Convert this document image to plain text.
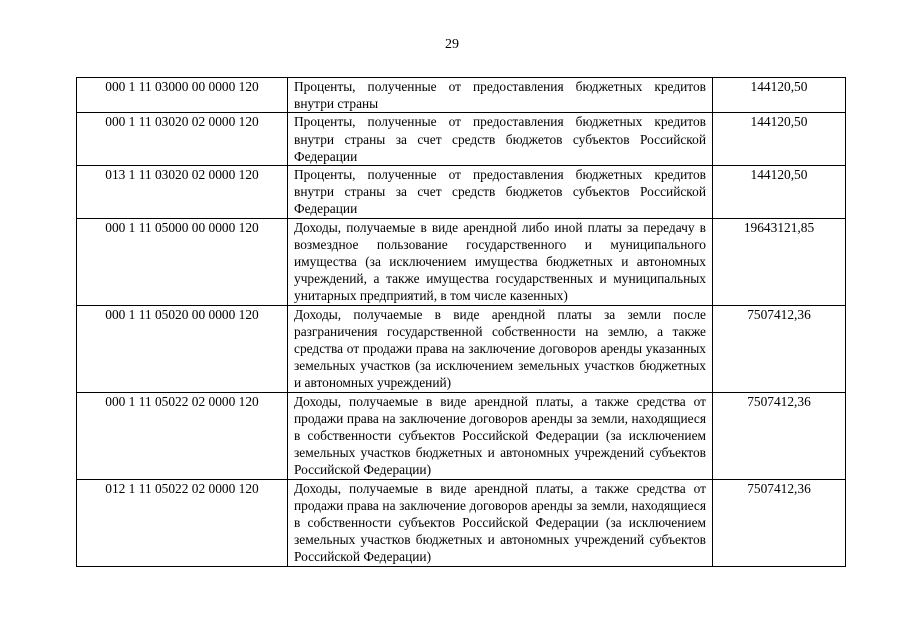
29
000 1 11 03000 00 0000 120	Проценты, полученные от предоставления бюджетных кредитов внутри страны	144120,50
000 1 11 03020 02 0000 120	Проценты, полученные от предоставления бюджетных кредитов внутри страны за счет средств бюджетов субъектов Российской Федерации	144120,50
013 1 11 03020 02 0000 120	Проценты, полученные от предоставления бюджетных кредитов внутри страны за счет средств бюджетов субъектов Российской Федерации	144120,50
000 1 11 05000 00 0000 120	Доходы, получаемые в виде арендной либо иной платы за передачу в возмездное пользование государственного и муниципального имущества (за исключением имущества бюджетных и автономных учреждений, а также имущества государственных и муниципальных унитарных предприятий, в том числе казенных)	19643121,85
000 1 11 05020 00 0000 120	Доходы, получаемые в виде арендной платы за земли после разграничения государственной собственности на землю, а также средства от продажи права на заключение договоров аренды указанных земельных участков (за исключением земельных участков бюджетных и автономных учреждений)	7507412,36
000 1 11 05022 02 0000 120	Доходы, получаемые в виде арендной платы, а также средства от продажи права на заключение договоров аренды за земли, находящиеся в собственности субъектов Российской Федерации (за исключением земельных участков бюджетных и автономных учреждений субъектов Российской Федерации)	7507412,36
012 1 11 05022 02 0000 120	Доходы, получаемые в виде арендной платы, а также средства от продажи права на заключение договоров аренды за земли, находящиеся в собственности субъектов Российской Федерации (за исключением земельных участков бюджетных и автономных учреждений субъектов Российской Федерации)	7507412,36
